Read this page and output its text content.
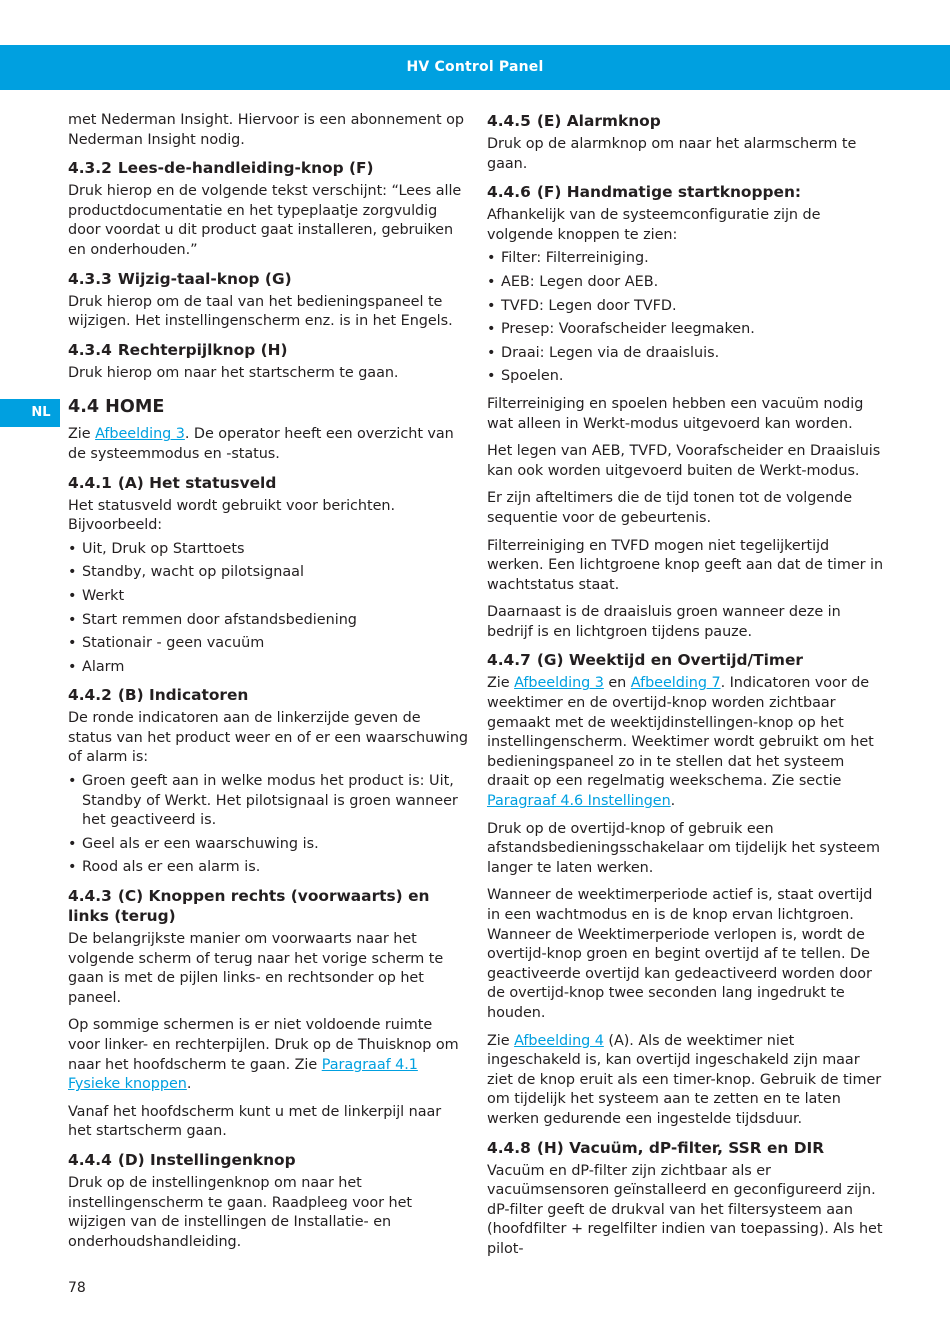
HV Control Panel
NL

met Nederman Insight. Hiervoor is een abonnement op Nederman Insight nodig.

4.3.2 Lees-de-handleiding-knop (F)

Druk hierop en de volgende tekst verschijnt: “Lees alle productdocumentatie en het typeplaatje zorgvuldig door voordat u dit product gaat installeren, gebruiken en onderhouden.”

4.3.3 Wijzig-taal-knop (G)

Druk hierop om de taal van het bedieningspaneel te wijzigen. Het instellingenscherm enz. is in het Engels.

4.3.4 Rechterpijlknop (H)

Druk hierop om naar het startscherm te gaan.

4.4 HOME

Zie Afbeelding 3. De operator heeft een overzicht van de systeemmodus en -status.

4.4.1 (A) Het statusveld

Het statusveld wordt gebruikt voor berichten. Bijvoorbeeld:

• Uit, Druk op Starttoets
• Standby, wacht op pilotsignaal
• Werkt
• Start remmen door afstandsbediening
• Stationair - geen vacuüm
• Alarm
4.4.2 (B) Indicatoren

De ronde indicatoren aan de linkerzijde geven de status van het product weer en of er een waarschuwing of alarm is:

• Groen geeft aan in welke modus het product is: Uit, Standby of Werkt. Het pilotsignaal is groen wanneer het geactiveerd is.
• Geel als er een waarschuwing is.
• Rood als er een alarm is.
4.4.3 (C) Knoppen rechts (voorwaarts) en links (terug)

De belangrijkste manier om voorwaarts naar het volgende scherm of terug naar het vorige scherm te gaan is met de pijlen links- en rechtsonder op het paneel.

Op sommige schermen is er niet voldoende ruimte voor linker- en rechterpijlen. Druk op de Thuisknop om naar het hoofdscherm te gaan. Zie Paragraaf 4.1 Fysieke knoppen.

Vanaf het hoofdscherm kunt u met de linkerpijl naar het startscherm gaan.

4.4.4 (D) Instellingenknop

Druk op de instellingenknop om naar het instellingenscherm te gaan. Raadpleeg voor het wijzigen van de instellingen de Installatie- en onderhoudshandleiding.

4.4.5 (E) Alarmknop

Druk op de alarmknop om naar het alarmscherm te gaan.

4.4.6 (F) Handmatige startknoppen:

Afhankelijk van de systeemconfiguratie zijn de volgende knoppen te zien:

• Filter: Filterreiniging.
• AEB: Legen door AEB.
• TVFD: Legen door TVFD.
• Presep: Voorafscheider leegmaken.
• Draai: Legen via de draaisluis.
• Spoelen.

Filterreiniging en spoelen hebben een vacuüm nodig wat alleen in Werkt-modus uitgevoerd kan worden.

Het legen van AEB, TVFD, Voorafscheider en Draaisluis kan ook worden uitgevoerd buiten de Werkt-modus.

Er zijn afteltimers die de tijd tonen tot de volgende sequentie voor de gebeurtenis.

Filterreiniging en TVFD mogen niet tegelijkertijd werken. Een lichtgroene knop geeft aan dat de timer in wachtstatus staat.

Daarnaast is de draaisluis groen wanneer deze in bedrijf is en lichtgroen tijdens pauze.

4.4.7 (G) Weektijd en Overtijd/Timer

Zie Afbeelding 3 en Afbeelding 7. Indicatoren voor de weektimer en de overtijd-knop worden zichtbaar gemaakt met de weektijdinstellingen-knop op het instellingenscherm. Weektimer wordt gebruikt om het bedieningspaneel zo in te stellen dat het systeem draait op een regelmatig weekschema. Zie sectie Paragraaf 4.6 Instellingen.

Druk op de overtijd-knop of gebruik een afstandsbedieningsschakelaar om tijdelijk het systeem langer te laten werken.

Wanneer de weektimerperiode actief is, staat overtijd in een wachtmodus en is de knop ervan lichtgroen. Wanneer de Weektimerperiode verlopen is, wordt de overtijd-knop groen en begint overtijd af te tellen. De geactiveerde overtijd kan gedeactiveerd worden door de overtijd-knop twee seconden lang ingedrukt te houden.

Zie Afbeelding 4 (A). Als de weektimer niet ingeschakeld is, kan overtijd ingeschakeld zijn maar ziet de knop eruit als een timer-knop. Gebruik de timer om tijdelijk het systeem aan te zetten en te laten werken gedurende een ingestelde tijdsduur.

4.4.8 (H) Vacuüm, dP-filter, SSR en DIR

Vacuüm en dP-filter zijn zichtbaar als er vacuümsensoren geïnstalleerd en geconfigureerd zijn. dP-filter geeft de drukval van het filtersysteem aan (hoofdfilter + regelfilter indien van toepassing). Als het pilot-

78
